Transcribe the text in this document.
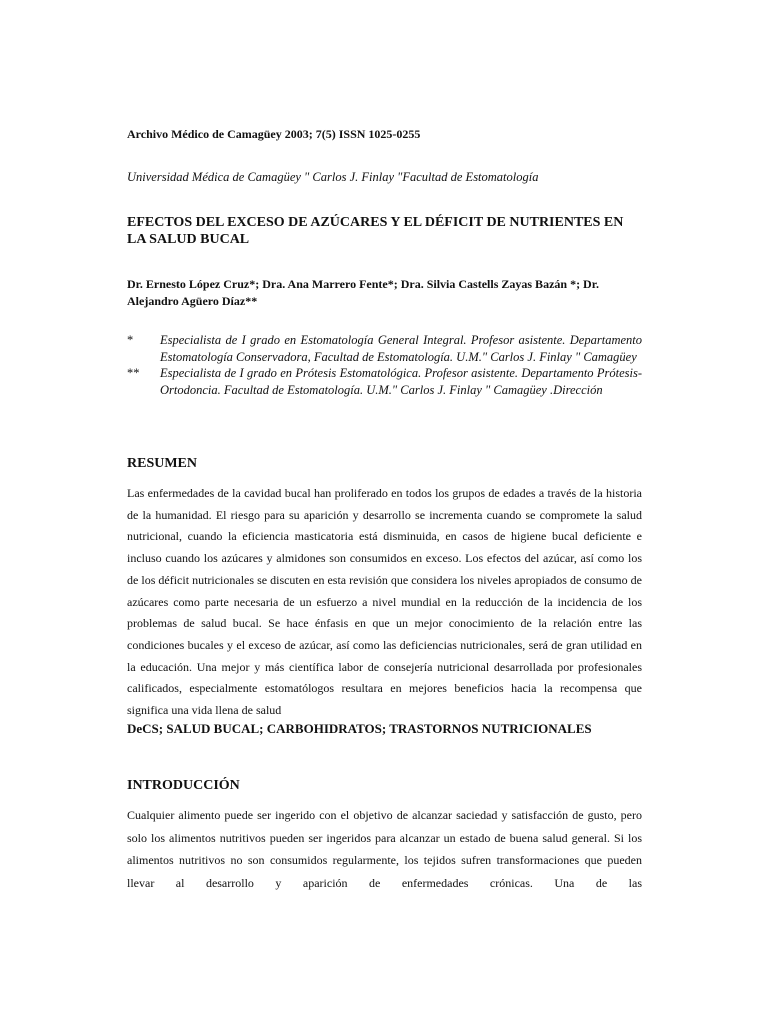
Archivo Médico de Camagüey 2003; 7(5) ISSN 1025-0255

Universidad Médica de Camagüey " Carlos J. Finlay "Facultad de Estomatología

EFECTOS DEL EXCESO DE AZÚCARES Y EL DÉFICIT DE NUTRIENTES EN LA SALUD BUCAL

Dr. Ernesto López Cruz*; Dra. Ana Marrero Fente*; Dra. Silvia Castells Zayas Bazán *; Dr. Alejandro Agüero Díaz**

*	Especialista de I grado en Estomatología General Integral. Profesor asistente. Departamento Estomatología Conservadora, Facultad de Estomatología. U.M." Carlos J. Finlay " Camagüey
**	Especialista de I grado en Prótesis Estomatológica. Profesor asistente. Departamento Prótesis- Ortodoncia. Facultad de Estomatología. U.M." Carlos J. Finlay " Camagüey .Dirección

RESUMEN

Las enfermedades de la cavidad bucal han proliferado en todos los grupos de edades a través de la historia de la humanidad. El riesgo para su aparición y desarrollo se incrementa cuando se compromete la salud nutricional, cuando la eficiencia masticatoria está disminuida, en casos de higiene bucal deficiente e incluso cuando los azúcares y almidones son consumidos en exceso. Los efectos del azúcar, así como los de los déficit nutricionales se discuten en esta revisión que considera los niveles apropiados de consumo de azúcares como parte necesaria de un esfuerzo a nivel mundial en la reducción de la incidencia de los problemas de salud bucal. Se hace énfasis en que un mejor conocimiento de la relación entre las condiciones bucales y el exceso de azúcar, así como las deficiencias nutricionales, será de gran utilidad en la educación. Una mejor y más científica labor de consejería nutricional desarrollada por profesionales calificados, especialmente estomatólogos resultara en mejores beneficios hacia la recompensa que significa una vida llena de salud

DeCS; SALUD BUCAL; CARBOHIDRATOS; TRASTORNOS NUTRICIONALES

INTRODUCCIÓN

Cualquier alimento puede ser ingerido con el objetivo de alcanzar saciedad y satisfacción de gusto, pero solo los alimentos nutritivos pueden ser ingeridos para alcanzar un estado de buena salud general. Si los alimentos nutritivos no son consumidos regularmente, los tejidos sufren transformaciones que pueden llevar al desarrollo y aparición de enfermedades crónicas. Una de las
